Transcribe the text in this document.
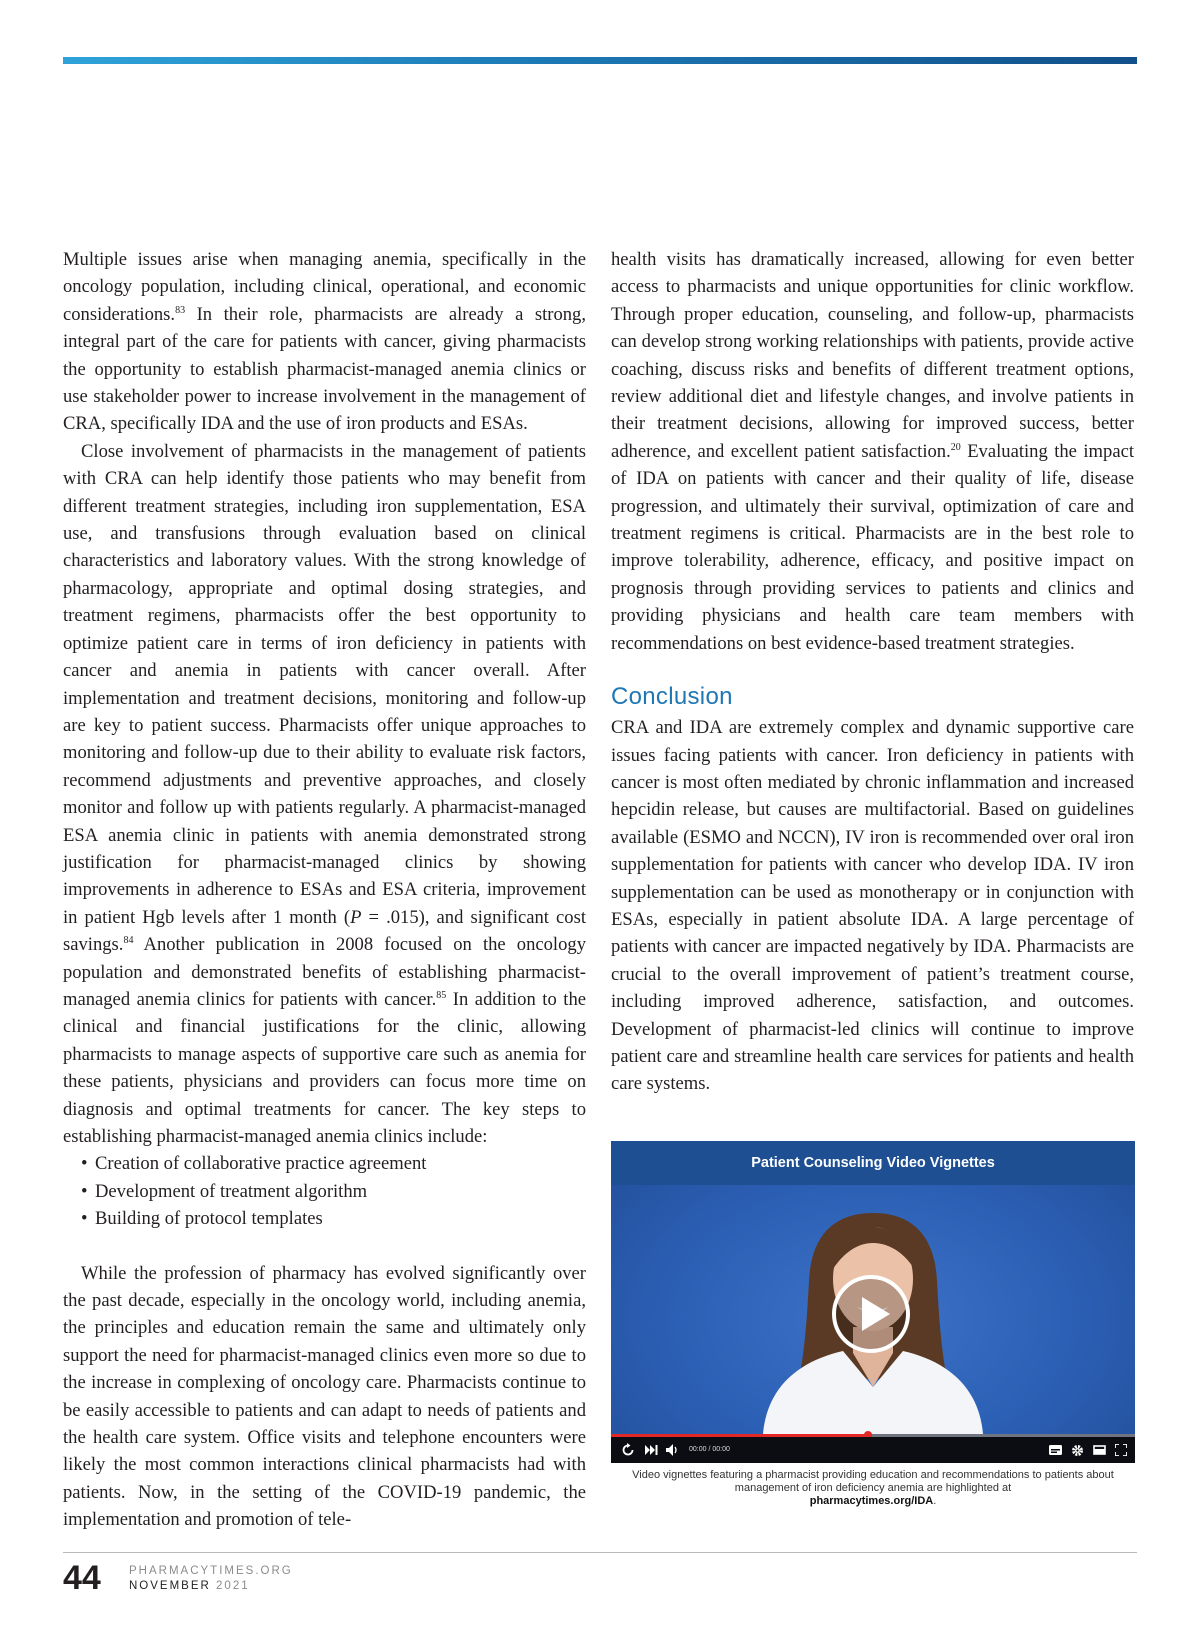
Multiple issues arise when managing anemia, specifically in the oncology population, including clinical, operational, and economic considerations.$^{83}$ In their role, pharmacists are already a strong, integral part of the care for patients with cancer, giving pharmacists the opportunity to establish pharmacist-managed anemia clinics or use stakeholder power to increase involvement in the management of CRA, specifically IDA and the use of iron products and ESAs.

Close involvement of pharmacists in the management of patients with CRA can help identify those patients who may benefit from different treatment strategies, including iron supplementation, ESA use, and transfusions through evaluation based on clinical characteristics and laboratory values. With the strong knowledge of pharmacology, appropriate and optimal dosing strategies, and treatment regimens, pharmacists offer the best opportunity to optimize patient care in terms of iron deficiency in patients with cancer and anemia in patients with cancer overall. After implementation and treatment decisions, monitoring and follow-up are key to patient success. Pharmacists offer unique approaches to monitoring and follow-up due to their ability to evaluate risk factors, recommend adjustments and preventive approaches, and closely monitor and follow up with patients regularly. A pharmacist-managed ESA anemia clinic in patients with anemia demonstrated strong justification for pharmacist-managed clinics by showing improvements in adherence to ESAs and ESA criteria, improvement in patient Hgb levels after 1 month (P = .015), and significant cost savings.$^{84}$ Another publication in 2008 focused on the oncology population and demonstrated benefits of establishing pharmacist-managed anemia clinics for patients with cancer.$^{85}$ In addition to the clinical and financial justifications for the clinic, allowing pharmacists to manage aspects of supportive care such as anemia for these patients, physicians and providers can focus more time on diagnosis and optimal treatments for cancer. The key steps to establishing pharmacist-managed anemia clinics include:

• Creation of collaborative practice agreement
• Development of treatment algorithm
• Building of protocol templates

While the profession of pharmacy has evolved significantly over the past decade, especially in the oncology world, including anemia, the principles and education remain the same and ultimately only support the need for pharmacist-managed clinics even more so due to the increase in complexing of oncology care. Pharmacists continue to be easily accessible to patients and can adapt to needs of patients and the health care system. Office visits and telephone encounters were likely the most common interactions clinical pharmacists had with patients. Now, in the setting of the COVID-19 pandemic, the implementation and promotion of tele-

health visits has dramatically increased, allowing for even better access to pharmacists and unique opportunities for clinic workflow. Through proper education, counseling, and follow-up, pharmacists can develop strong working relationships with patients, provide active coaching, discuss risks and benefits of different treatment options, review additional diet and lifestyle changes, and involve patients in their treatment decisions, allowing for improved success, better adherence, and excellent patient satisfaction.$^{20}$ Evaluating the impact of IDA on patients with cancer and their quality of life, disease progression, and ultimately their survival, optimization of care and treatment regimens is critical. Pharmacists are in the best role to improve tolerability, adherence, efficacy, and positive impact on prognosis through providing services to patients and clinics and providing physicians and health care team members with recommendations on best evidence-based treatment strategies.

Conclusion

CRA and IDA are extremely complex and dynamic supportive care issues facing patients with cancer. Iron deficiency in patients with cancer is most often mediated by chronic inflammation and increased hepcidin release, but causes are multifactorial. Based on guidelines available (ESMO and NCCN), IV iron is recommended over oral iron supplementation for patients with cancer who develop IDA. IV iron supplementation can be used as monotherapy or in conjunction with ESAs, especially in patient absolute IDA. A large percentage of patients with cancer are impacted negatively by IDA. Pharmacists are crucial to the overall improvement of patient’s treatment course, including improved adherence, satisfaction, and outcomes. Development of pharmacist-led clinics will continue to improve patient care and streamline health care services for patients and health care systems.

Patient Counseling Video Vignettes
00:00 / 00:00
Video vignettes featuring a pharmacist providing education and recommendations to patients about management of iron deficiency anemia are highlighted at
pharmacytimes.org/IDA.
44 PHARMACYTIMES.ORG
NOVEMBER 2021
